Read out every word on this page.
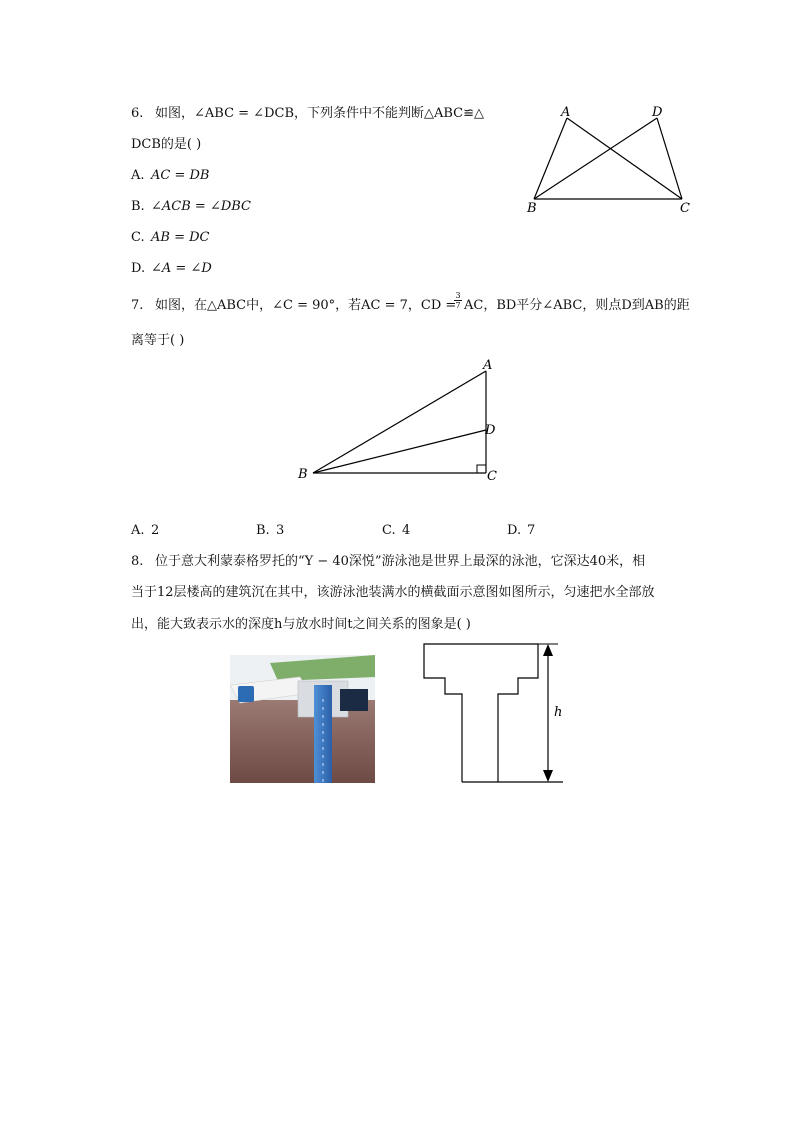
6. 如图，∠ABC = ∠DCB，下列条件中不能判断△ABC≌△
DCB的是( )
A. AC = DB
B. ∠ACB = ∠DBC
C. AB = DC
D. ∠A = ∠D
A	D
B	C
7. 如图，在△ABC中，∠C = 90°，若AC = 7，CD =
$\frac{3}{7}$ AC，BD平分∠ABC，则点D到AB的距
离等于( )
A
D
B	C
A. 2	B. 3	C. 4	D. 7
8. 位于意大利蒙泰格罗托的“Y − 40深悦”游泳池是世界上最深的泳池，它深达40米，相
当于12层楼高的建筑沉在其中，该游泳池装满水的横截面示意图如图所示，匀速把水全部放
出，能大致表示水的深度h与放水时间t之间关系的图象是( )
h
